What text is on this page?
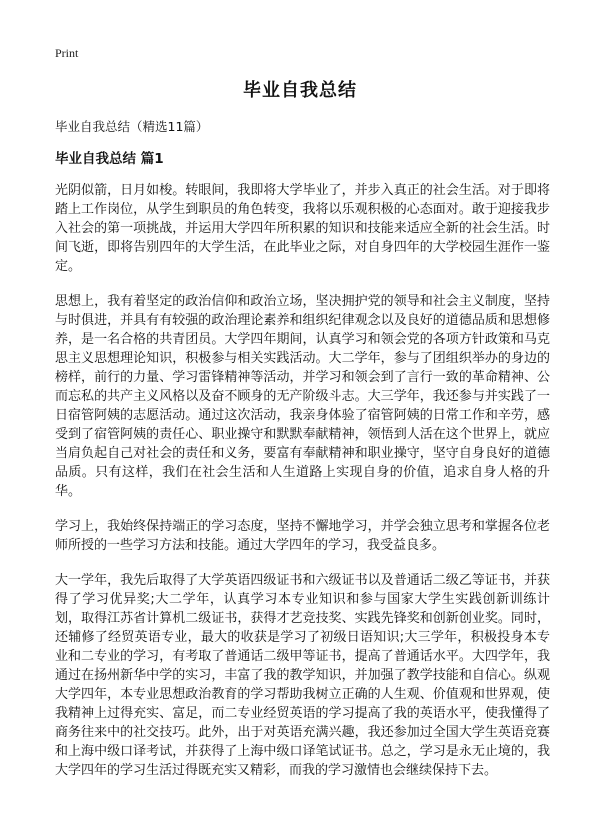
Print
毕业自我总结
毕业自我总结（精选11篇）
毕业自我总结 篇1

光阴似箭，日月如梭。转眼间，我即将大学毕业了，并步入真正的社会生活。对于即将踏上工作岗位，从学生到职员的角色转变，我将以乐观积极的心态面对。敢于迎接我步入社会的第一项挑战，并运用大学四年所积累的知识和技能来适应全新的社会生活。时间飞逝，即将告别四年的大学生活，在此毕业之际，对自身四年的大学校园生涯作一鉴定。

思想上，我有着坚定的政治信仰和政治立场，坚决拥护党的领导和社会主义制度，坚持与时俱进，并具有有较强的政治理论素养和组织纪律观念以及良好的道德品质和思想修养，是一名合格的共青团员。大学四年期间，认真学习和领会党的各项方针政策和马克思主义思想理论知识，积极参与相关实践活动。大二学年，参与了团组织举办的身边的榜样，前行的力量、学习雷锋精神等活动，并学习和领会到了言行一致的革命精神、公而忘私的共产主义风格以及奋不顾身的无产阶级斗志。大三学年，我还参与并实践了一日宿管阿姨的志愿活动。通过这次活动，我亲身体验了宿管阿姨的日常工作和辛劳，感受到了宿管阿姨的责任心、职业操守和默默奉献精神，领悟到人活在这个世界上，就应当肩负起自己对社会的责任和义务，要富有奉献精神和职业操守，坚守自身良好的道德品质。只有这样，我们在社会生活和人生道路上实现自身的价值，追求自身人格的升华。

学习上，我始终保持端正的学习态度，坚持不懈地学习，并学会独立思考和掌握各位老师所授的一些学习方法和技能。通过大学四年的学习，我受益良多。

大一学年，我先后取得了大学英语四级证书和六级证书以及普通话二级乙等证书，并获得了学习优异奖;大二学年，认真学习本专业知识和参与国家大学生实践创新训练计划，取得江苏省计算机二级证书，获得才艺竞技奖、实践先锋奖和创新创业奖。同时，还辅修了经贸英语专业，最大的收获是学习了初级日语知识;大三学年，积极投身本专业和二专业的学习，有考取了普通话二级甲等证书，提高了普通话水平。大四学年，我通过在扬州新华中学的实习，丰富了我的教学知识，并加强了教学技能和自信心。纵观大学四年，本专业思想政治教育的学习帮助我树立正确的人生观、价值观和世界观，使我精神上过得充实、富足，而二专业经贸英语的学习提高了我的英语水平，使我懂得了商务往来中的社交技巧。此外，出于对英语充满兴趣，我还参加过全国大学生英语竞赛和上海中级口译考试，并获得了上海中级口译笔试证书。总之，学习是永无止境的，我大学四年的学习生活过得既充实又精彩，而我的学习激情也会继续保持下去。
